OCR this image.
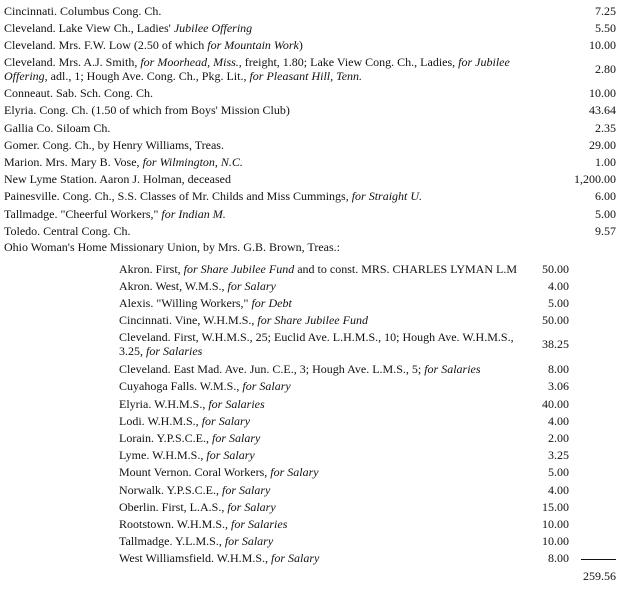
Cincinnati. Columbus Cong. Ch.	7.25
Cleveland. Lake View Ch., Ladies' Jubilee Offering	5.50
Cleveland. Mrs. F.W. Low (2.50 of which for Mountain Work)	10.00
Cleveland. Mrs. A.J. Smith, for Moorhead, Miss., freight, 1.80; Lake View Cong. Ch., Ladies, for Jubilee Offering, adl., 1; Hough Ave. Cong. Ch., Pkg. Lit., for Pleasant Hill, Tenn.	2.80
Conneaut. Sab. Sch. Cong. Ch.	10.00
Elyria. Cong. Ch. (1.50 of which from Boys' Mission Club)	43.64
Gallia Co. Siloam Ch.	2.35
Gomer. Cong. Ch., by Henry Williams, Treas.	29.00
Marion. Mrs. Mary B. Vose, for Wilmington, N.C.	1.00
New Lyme Station. Aaron J. Holman, deceased	1,200.00
Painesville. Cong. Ch., S.S. Classes of Mr. Childs and Miss Cummings, for Straight U.	6.00
Tallmadge. "Cheerful Workers," for Indian M.	5.00
Toledo. Central Cong. Ch.	9.57
Ohio Woman's Home Missionary Union, by Mrs. G.B. Brown, Treas.:
Akron. First, for Share Jubilee Fund and to const. MRS. CHARLES LYMAN L.M	50.00
Akron. West, W.M.S., for Salary	4.00
Alexis. "Willing Workers," for Debt	5.00
Cincinnati. Vine, W.H.M.S., for Share Jubilee Fund	50.00
Cleveland. First, W.H.M.S., 25; Euclid Ave. L.H.M.S., 10; Hough Ave. W.H.M.S., 3.25, for Salaries	38.25
Cleveland. East Mad. Ave. Jun. C.E., 3; Hough Ave. L.M.S., 5; for Salaries	8.00
Cuyahoga Falls. W.M.S., for Salary	3.06
Elyria. W.H.M.S., for Salaries	40.00
Lodi. W.H.M.S., for Salary	4.00
Lorain. Y.P.S.C.E., for Salary	2.00
Lyme. W.H.M.S., for Salary	3.25
Mount Vernon. Coral Workers, for Salary	5.00
Norwalk. Y.P.S.C.E., for Salary	4.00
Oberlin. First, L.A.S., for Salary	15.00
Rootstown. W.H.M.S., for Salaries	10.00
Tallmadge. Y.L.M.S., for Salary	10.00
West Williamsfield. W.H.M.S., for Salary	8.00
259.56
